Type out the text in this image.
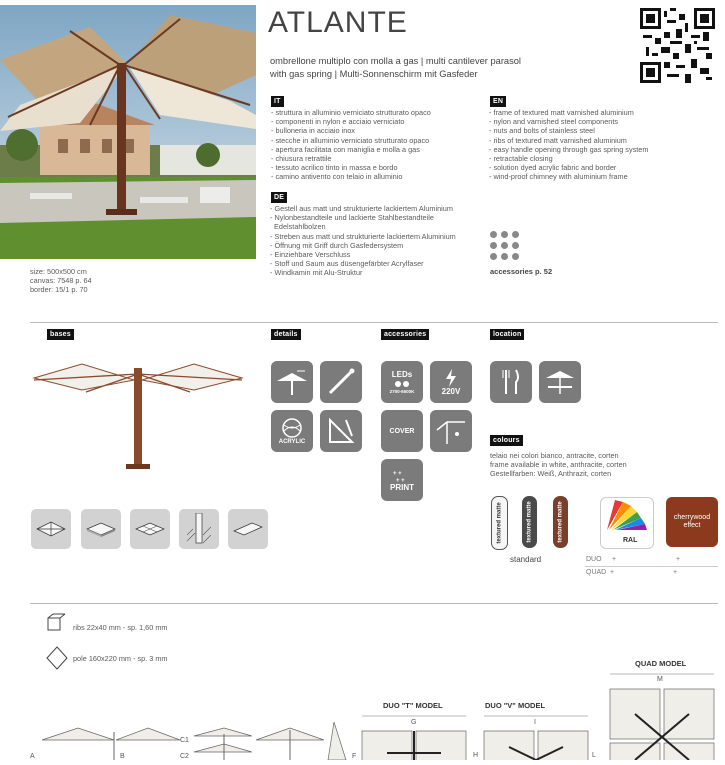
ATLANTE
ombrellone multiplo con molla a gas | multi cantilever parasol
with gas spring | Multi-Sonnenschirm mit Gasfeder
IT
- struttura in alluminio verniciato strutturato opaco
- componenti in nylon e acciaio verniciato
- bulloneria in acciaio inox
- stecche in alluminio verniciato strutturato opaco
- apertura facilitata con maniglia e molla a gas
- chiusura retrattile
- tessuto acrilico tinto in massa e bordo
- camino antivento con telaio in alluminio
EN
- frame of textured matt varnished aluminium
- nylon and varnished steel components
- nuts and bolts of stainless steel
- ribs of textured matt varnished aluminium
- easy handle opening through gas spring system
- retractable closing
- solution dyed acrylic fabric and border
- wind-proof chimney with aluminium frame
DE
- Gestell aus matt und strukturierte lackiertem Aluminium
- Nylonbestandteile und lackierte Stahlbestandteile
Edelstahlbolzen
- Streben aus matt und strukturierte lackiertem Aluminium
- Öffnung mit Griff durch Gasfedersystem
- Einziehbare Verschluss
- Stoff und Saum aus düsengefärbter Acrylfaser
- Windkamin mit Alu-Struktur	accessories p. 52
size: 500x500 cm
canvas: 7548 p. 64
border: 15/1 p. 70
bases	details	accessories	location
ACRYLIC
LEDs
2700-6500K	220V
COVER
+ +
+ +
PRINT
colours
telaio nei colori bianco, antracite, corten
frame available in white, anthracite, corten
Gestellfarben: Weiß, Anthrazit, corten
textured matte	textured matte	textured matte
standard
RAL
cherrywood effect
DUO +	+
QUAD +	+
ribs 22x40 mm - sp. 1,60 mm
pole 160x220 mm - sp. 3 mm
A	B
C1
C2	F
DUO "T" MODEL
G
DUO "V" MODEL
I
H	L
QUAD MODEL
M
